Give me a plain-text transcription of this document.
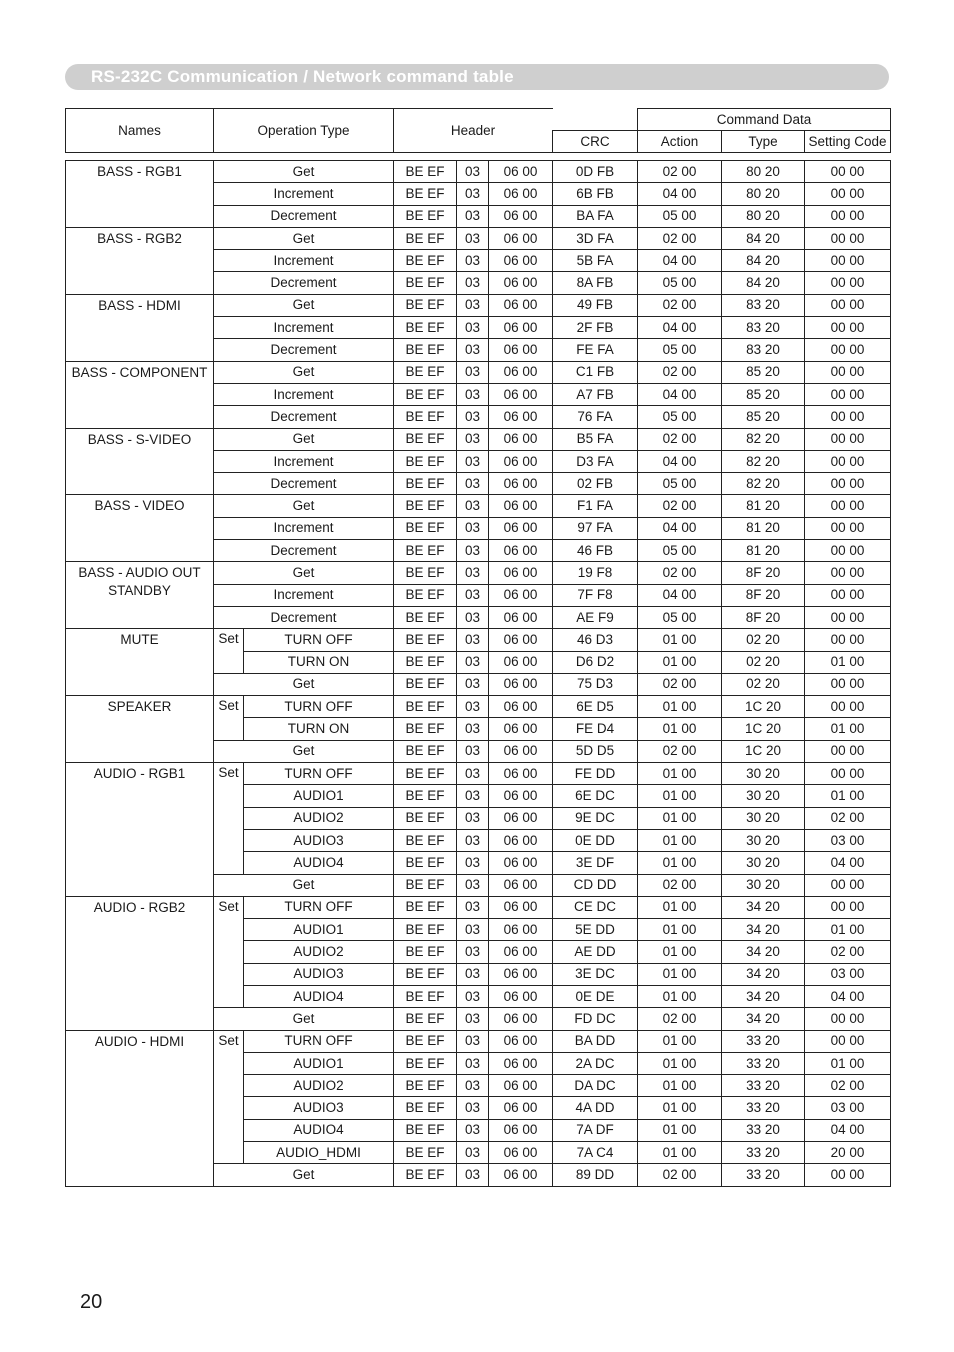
RS-232C Communication / Network command table
Names	Operation Type		Header				Command Data		
						CRC	Action	Type	Setting Code

BASS - RGB1	Get		BE EF	03	06 00	0D FB	02 00	80 20	00 00
	Increment		BE EF	03	06 00	6B FB	04 00	80 20	00 00
	Decrement		BE EF	03	06 00	BA FA	05 00	80 20	00 00
BASS - RGB2	Get		BE EF	03	06 00	3D FA	02 00	84 20	00 00
	Increment		BE EF	03	06 00	5B FA	04 00	84 20	00 00
	Decrement		BE EF	03	06 00	8A FB	05 00	84 20	00 00
BASS - HDMI	Get		BE EF	03	06 00	49 FB	02 00	83 20	00 00
	Increment		BE EF	03	06 00	2F FB	04 00	83 20	00 00
	Decrement		BE EF	03	06 00	FE FA	05 00	83 20	00 00
BASS - COMPONENT	Get		BE EF	03	06 00	C1 FB	02 00	85 20	00 00
	Increment		BE EF	03	06 00	A7 FB	04 00	85 20	00 00
	Decrement		BE EF	03	06 00	76 FA	05 00	85 20	00 00
BASS - S-VIDEO	Get		BE EF	03	06 00	B5 FA	02 00	82 20	00 00
	Increment		BE EF	03	06 00	D3 FA	04 00	82 20	00 00
	Decrement		BE EF	03	06 00	02 FB	05 00	82 20	00 00
BASS - VIDEO	Get		BE EF	03	06 00	F1 FA	02 00	81 20	00 00
	Increment		BE EF	03	06 00	97 FA	04 00	81 20	00 00
	Decrement		BE EF	03	06 00	46 FB	05 00	81 20	00 00
BASS - AUDIO OUT STANDBY	Get		BE EF	03	06 00	19 F8	02 00	8F 20	00 00
	Increment		BE EF	03	06 00	7F F8	04 00	8F 20	00 00
	Decrement		BE EF	03	06 00	AE F9	05 00	8F 20	00 00
MUTE	Set	TURN OFF	BE EF	03	06 00	46 D3	01 00	02 20	00 00
		TURN ON	BE EF	03	06 00	D6 D2	01 00	02 20	01 00
	Get		BE EF	03	06 00	75 D3	02 00	02 20	00 00
SPEAKER	Set	TURN OFF	BE EF	03	06 00	6E D5	01 00	1C 20	00 00
		TURN ON	BE EF	03	06 00	FE D4	01 00	1C 20	01 00
	Get		BE EF	03	06 00	5D D5	02 00	1C 20	00 00
AUDIO - RGB1	Set	TURN OFF	BE EF	03	06 00	FE DD	01 00	30 20	00 00
		AUDIO1	BE EF	03	06 00	6E DC	01 00	30 20	01 00
		AUDIO2	BE EF	03	06 00	9E DC	01 00	30 20	02 00
		AUDIO3	BE EF	03	06 00	0E DD	01 00	30 20	03 00
		AUDIO4	BE EF	03	06 00	3E DF	01 00	30 20	04 00
	Get		BE EF	03	06 00	CD DD	02 00	30 20	00 00
AUDIO - RGB2	Set	TURN OFF	BE EF	03	06 00	CE DC	01 00	34 20	00 00
		AUDIO1	BE EF	03	06 00	5E DD	01 00	34 20	01 00
		AUDIO2	BE EF	03	06 00	AE DD	01 00	34 20	02 00
		AUDIO3	BE EF	03	06 00	3E DC	01 00	34 20	03 00
		AUDIO4	BE EF	03	06 00	0E DE	01 00	34 20	04 00
	Get		BE EF	03	06 00	FD DC	02 00	34 20	00 00
AUDIO - HDMI	Set	TURN OFF	BE EF	03	06 00	BA DD	01 00	33 20	00 00
		AUDIO1	BE EF	03	06 00	2A DC	01 00	33 20	01 00
		AUDIO2	BE EF	03	06 00	DA DC	01 00	33 20	02 00
		AUDIO3	BE EF	03	06 00	4A DD	01 00	33 20	03 00
		AUDIO4	BE EF	03	06 00	7A DF	01 00	33 20	04 00
		AUDIO_HDMI	BE EF	03	06 00	7A C4	01 00	33 20	20 00
	Get		BE EF	03	06 00	89 DD	02 00	33 20	00 00
20
